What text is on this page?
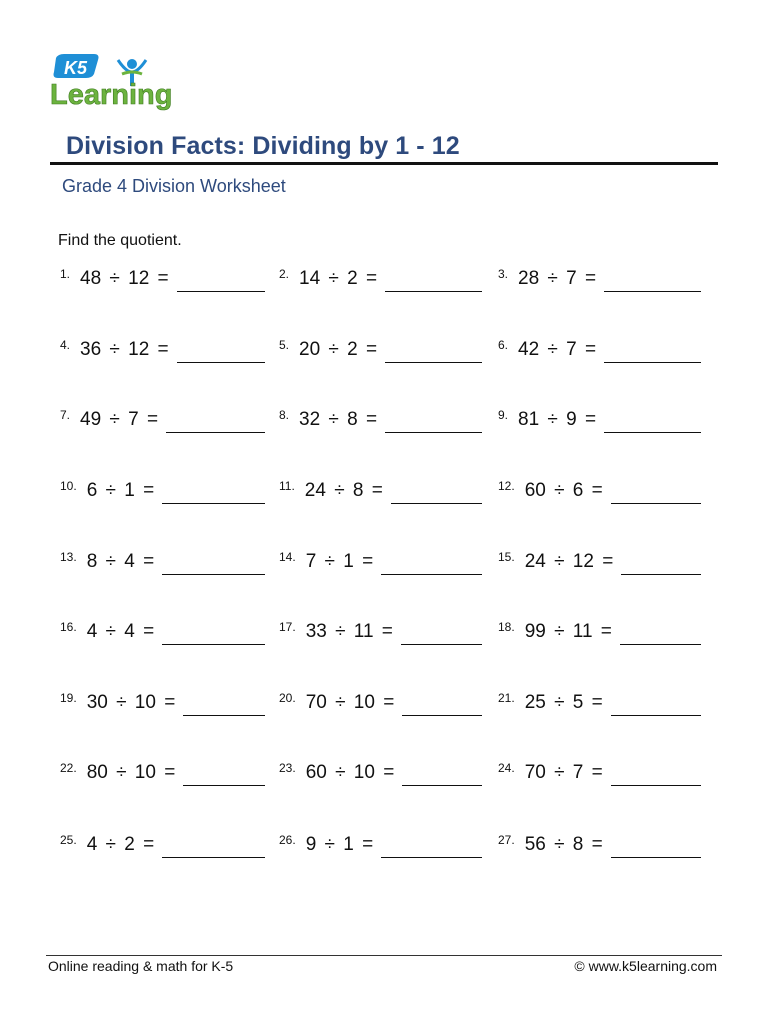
K5
Learning
Division Facts: Dividing by 1 - 12
Grade 4 Division Worksheet
Find the quotient.
1. 48 ÷ 12 =	2. 14 ÷ 2 =	3. 28 ÷ 7 =
4. 36 ÷ 12 =	5. 20 ÷ 2 =	6. 42 ÷ 7 =
7. 49 ÷ 7 =	8. 32 ÷ 8 =	9. 81 ÷ 9 =
10. 6 ÷ 1 =	11. 24 ÷ 8 =	12. 60 ÷ 6 =
13. 8 ÷ 4 =	14. 7 ÷ 1 =	15. 24 ÷ 12 =
16. 4 ÷ 4 =	17. 33 ÷ 11 =	18. 99 ÷ 11 =
19. 30 ÷ 10 =	20. 70 ÷ 10 =	21. 25 ÷ 5 =
22. 80 ÷ 10 =	23. 60 ÷ 10 =	24. 70 ÷ 7 =
25. 4 ÷ 2 =	26. 9 ÷ 1 =	27. 56 ÷ 8 =
Online reading & math for K-5	© www.k5learning.com
